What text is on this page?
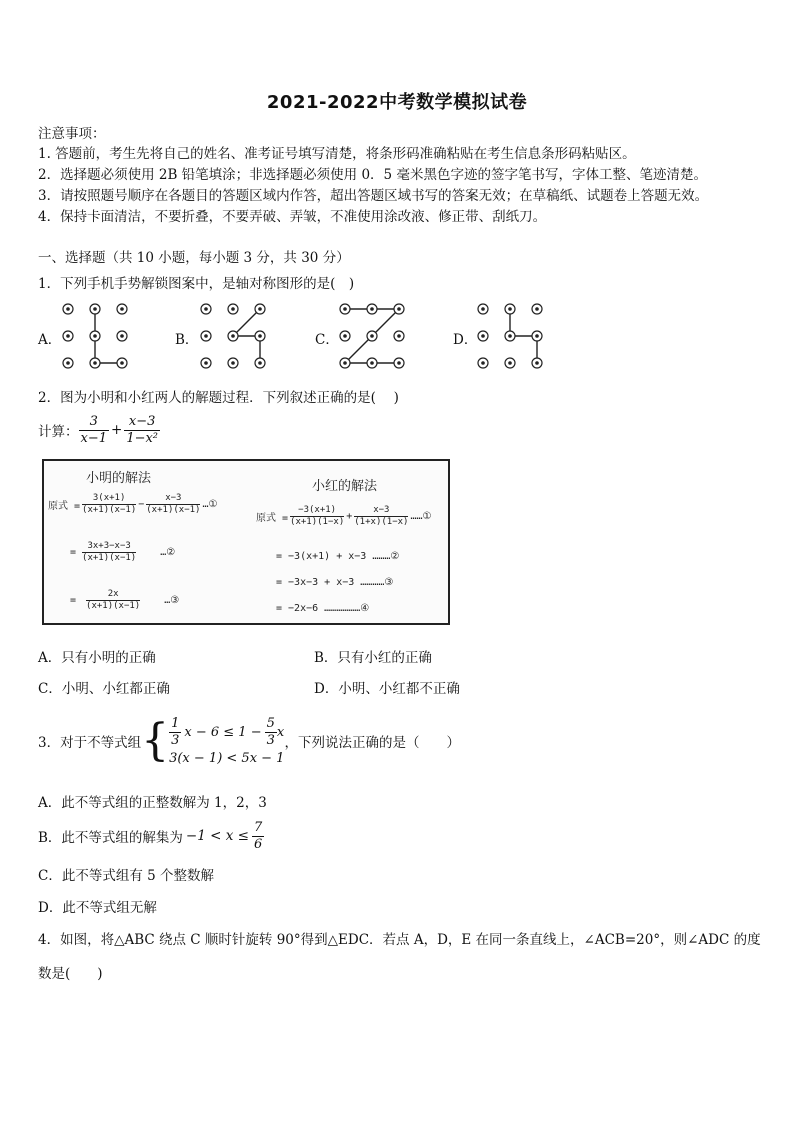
2021-2022中考数学模拟试卷
注意事项：
1. 答题前，考生先将自己的姓名、准考证号填写清楚，将条形码准确粘贴在考生信息条形码粘贴区。
2．选择题必须使用 2B 铅笔填涂；非选择题必须使用 0．5 毫米黑色字迹的签字笔书写，字体工整、笔迹清楚。
3．请按照题号顺序在各题目的答题区域内作答，超出答题区域书写的答案无效；在草稿纸、试题卷上答题无效。
4．保持卡面清洁，不要折叠，不要弄破、弄皱，不准使用涂改液、修正带、刮纸刀。
一、选择题（共 10 小题，每小题 3 分，共 30 分）
1．下列手机手势解锁图案中，是轴对称图形的是(　)
A．	B．	C．	D．
2．图为小明和小红两人的解题过程．下列叙述正确的是(　 )
计算： $\frac{3}{x-1} + \frac{x-3}{\text{1−x²}}$
小明的解法
原式 = $\frac{3(x+1)}{(x+1)(x-1)} - \frac{x-3}{(x+1)(x-1)}$ …①
= $\frac{3x+3-x-3}{(x+1)(x-1)}$ …②
= $\frac{2x}{(x+1)(x-1)}$ …③
小红的解法
原式 = $\frac{-3(x+1)}{(x+1)(1-x)} + \frac{x-3}{(1+x)(1-x)}$ ……①
= −3(x+1) + x−3 ………②
= −3x−3 + x−3 …………③
= −2x−6 ………………④
A．只有小明的正确	B．只有小红的正确
C．小明、小红都正确	D．小明、小红都不正确
3．对于不等式组 { $\frac{1}{3}$ $x - 6 \le 1 - \frac{5}{3}$ x
3(x − 1) < 5x − 1
，下列说法正确的是（　　）
A．此不等式组的正整数解为 1，2，3
B．此不等式组的解集为 $-1 < x \le \frac{7}{6}$
C．此不等式组有 5 个整数解
D．此不等式组无解
4．如图，将△ABC 绕点 C 顺时针旋转 90°得到△EDC．若点 A，D，E 在同一条直线上，∠ACB=20°，则∠ADC 的度
数是(　　)
